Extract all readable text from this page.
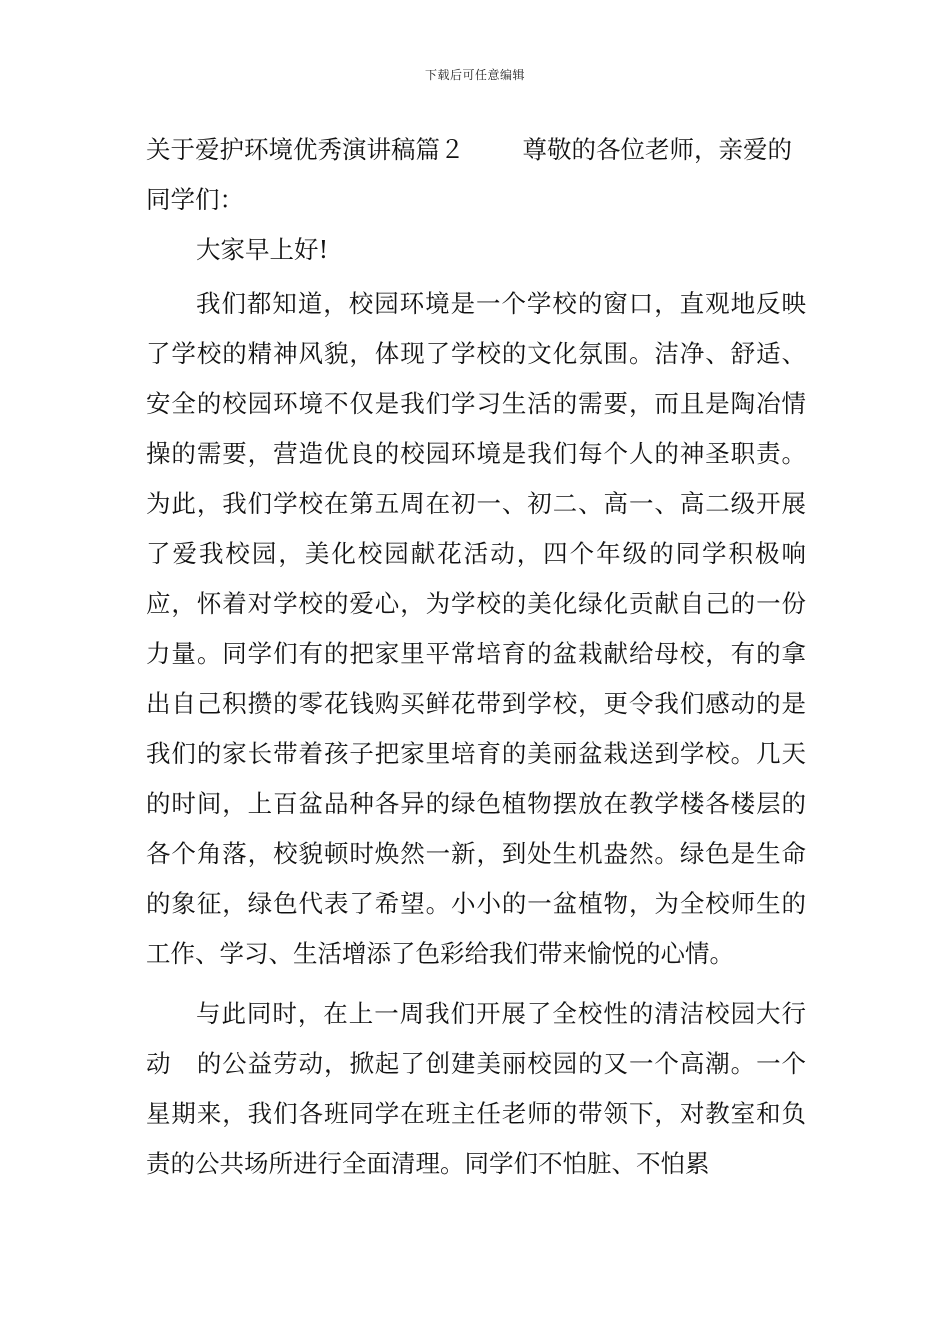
下载后可任意编辑

关于爱护环境优秀演讲稿篇２ 尊敬的各位老师，亲爱的
同学们：

大家早上好!

我们都知道，校园环境是一个学校的窗口，直观地反映了学校的精神风貌，体现了学校的文化氛围。洁净、舒适、安全的校园环境不仅是我们学习生活的需要，而且是陶冶情操的需要，营造优良的校园环境是我们每个人的神圣职责。为此，我们学校在第五周在初一、初二、高一、高二级开展了爱我校园，美化校园献花活动，四个年级的同学积极响应，怀着对学校的爱心，为学校的美化绿化贡献自己的一份力量。同学们有的把家里平常培育的盆栽献给母校，有的拿出自己积攒的零花钱购买鲜花带到学校，更令我们感动的是我们的家长带着孩子把家里培育的美丽盆栽送到学校。几天的时间，上百盆品种各异的绿色植物摆放在教学楼各楼层的各个角落，校貌顿时焕然一新，到处生机盎然。绿色是生命的象征，绿色代表了希望。小小的一盆植物，为全校师生的工作、学习、生活增添了色彩给我们带来愉悦的心情。

与此同时，在上一周我们开展了全校性的清洁校园大行动　的公益劳动，掀起了创建美丽校园的又一个高潮。一个星期来，我们各班同学在班主任老师的带领下，对教室和负责的公共场所进行全面清理。同学们不怕脏、不怕累
